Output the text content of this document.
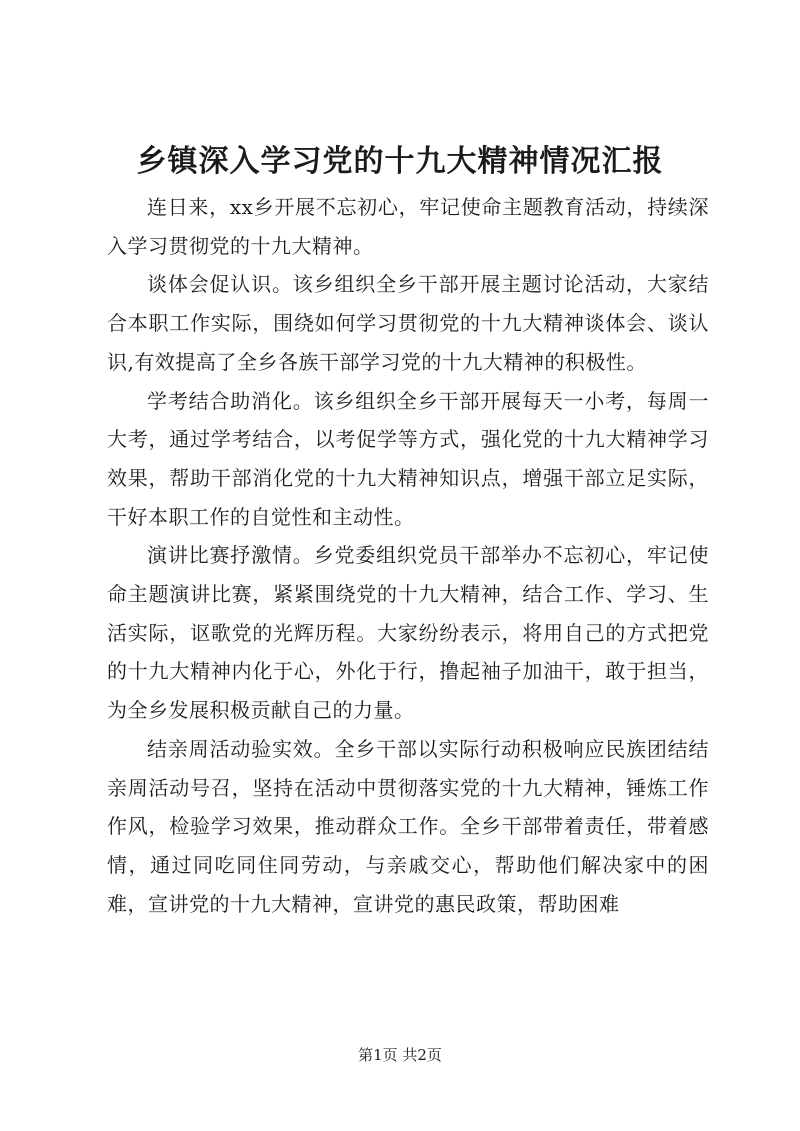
乡镇深入学习党的十九大精神情况汇报

连日来，xx乡开展不忘初心，牢记使命主题教育活动，持续深入学习贯彻党的十九大精神。

谈体会促认识。该乡组织全乡干部开展主题讨论活动，大家结合本职工作实际，围绕如何学习贯彻党的十九大精神谈体会、谈认识,有效提高了全乡各族干部学习党的十九大精神的积极性。

学考结合助消化。该乡组织全乡干部开展每天一小考，每周一大考，通过学考结合，以考促学等方式，强化党的十九大精神学习效果，帮助干部消化党的十九大精神知识点，增强干部立足实际，干好本职工作的自觉性和主动性。

演讲比赛抒激情。乡党委组织党员干部举办不忘初心，牢记使命主题演讲比赛，紧紧围绕党的十九大精神，结合工作、学习、生活实际，讴歌党的光辉历程。大家纷纷表示，将用自己的方式把党的十九大精神内化于心，外化于行，撸起袖子加油干，敢于担当，为全乡发展积极贡献自己的力量。

结亲周活动验实效。全乡干部以实际行动积极响应民族团结结亲周活动号召，坚持在活动中贯彻落实党的十九大精神，锤炼工作作风，检验学习效果，推动群众工作。全乡干部带着责任，带着感情，通过同吃同住同劳动，与亲戚交心，帮助他们解决家中的困难，宣讲党的十九大精神，宣讲党的惠民政策，帮助困难

第1页 共2页
